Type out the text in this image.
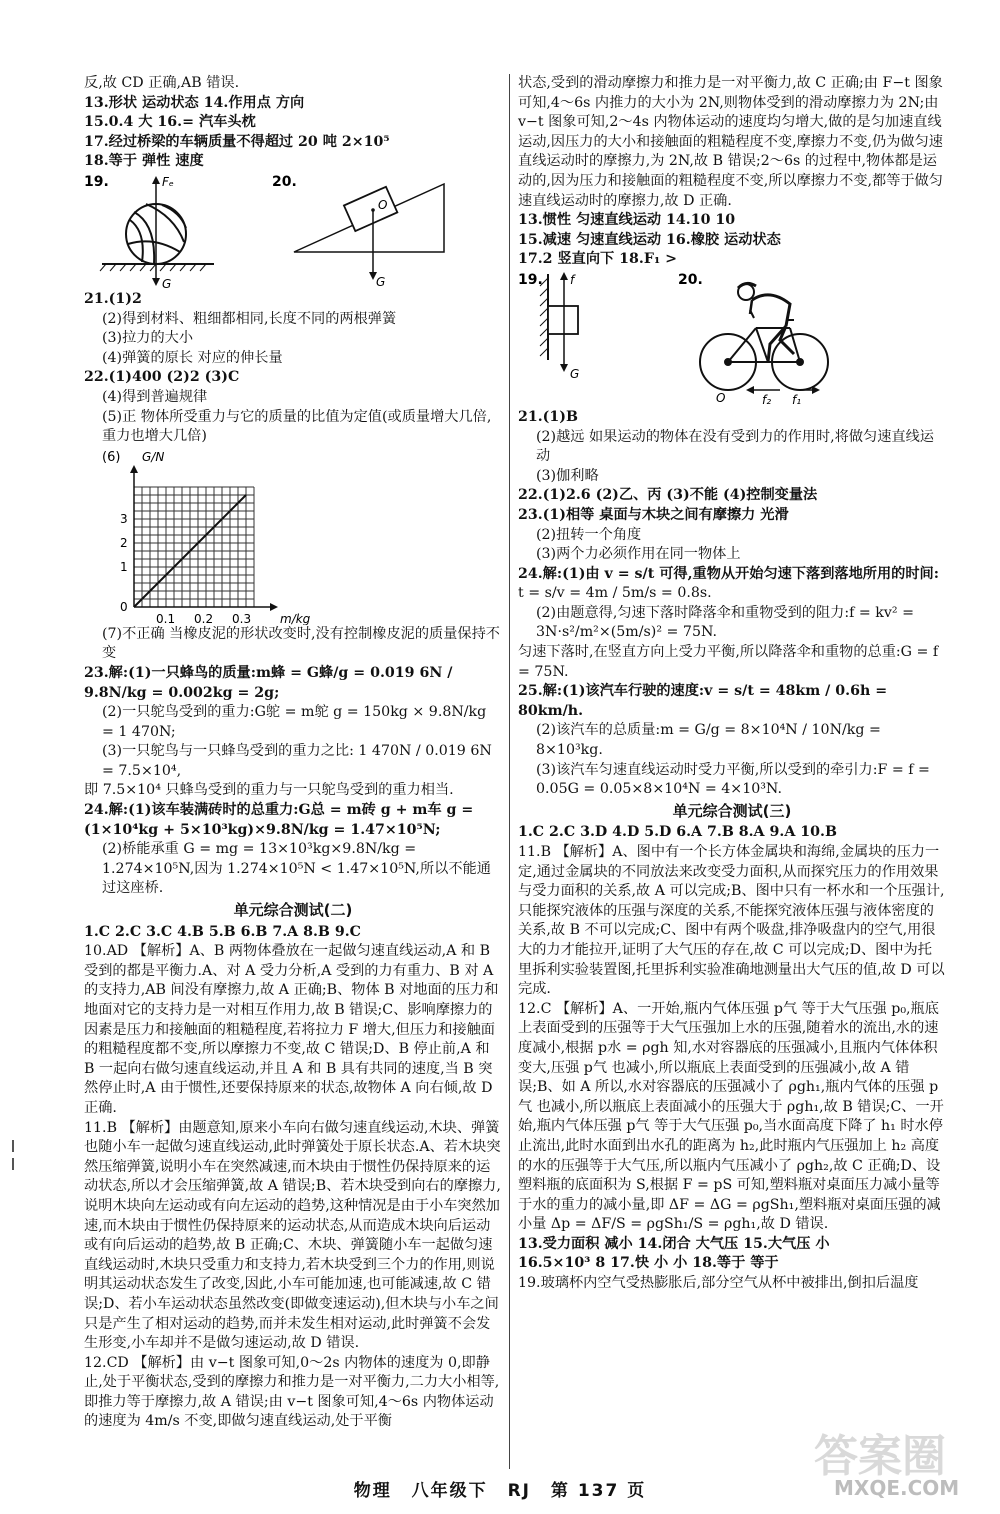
反,故 CD 正确,AB 错误.

13.形状 运动状态 14.作用点 方向

15.0.4 大 16.= 汽车头枕

17.经过桥梁的车辆质量不得超过 20 吨 2×10⁵

18.等于 弹性 速度

19.	Fₑ
G
20.
O
G

21.(1)2

(2)得到材料、粗细都相同,长度不同的两根弹簧

(3)拉力的大小

(4)弹簧的原长 对应的伸长量

22.(1)400 (2)2 (3)C

(4)得到普遍规律

(5)正 物体所受重力与它的质量的比值为定值(或质量增大几倍,重力也增大几倍)

(6) G/N
m/kg
0
1
2
3
0.1 0.2 0.3

(7)不正确 当橡皮泥的形状改变时,没有控制橡皮泥的质量保持不变

23.解:(1)一只蜂鸟的质量:m蜂 = G蜂/g = 0.019 6N / 9.8N/kg = 0.002kg = 2g;

(2)一只鸵鸟受到的重力:G鸵 = m鸵 g = 150kg × 9.8N/kg = 1 470N;

(3)一只鸵鸟与一只蜂鸟受到的重力之比: 1 470N / 0.019 6N = 7.5×10⁴,

即 7.5×10⁴ 只蜂鸟受到的重力与一只鸵鸟受到的重力相当.

24.解:(1)该车装满砖时的总重力:G总 = m砖 g + m车 g = (1×10⁴kg + 5×10³kg)×9.8N/kg = 1.47×10⁵N;

(2)桥能承重 G = mg = 13×10³kg×9.8N/kg = 1.274×10⁵N,因为 1.274×10⁵N < 1.47×10⁵N,所以不能通过这座桥.

单元综合测试(二)

1.C 2.C 3.C 4.B 5.B 6.B 7.A 8.B 9.C

10.AD 【解析】A、B 两物体叠放在一起做匀速直线运动,A 和 B 受到的都是平衡力.A、对 A 受力分析,A 受到的力有重力、B 对 A 的支持力,AB 间没有摩擦力,故 A 正确;B、物体 B 对地面的压力和地面对它的支持力是一对相互作用力,故 B 错误;C、影响摩擦力的因素是压力和接触面的粗糙程度,若将拉力 F 增大,但压力和接触面的粗糙程度都不变,所以摩擦力不变,故 C 错误;D、B 停止前,A 和 B 一起向右做匀速直线运动,并且 A 和 B 具有共同的速度,当 B 突然停止时,A 由于惯性,还要保持原来的状态,故物体 A 向右倾,故 D 正确.

11.B 【解析】由题意知,原来小车向右做匀速直线运动,木块、弹簧也随小车一起做匀速直线运动,此时弹簧处于原长状态.A、若木块突然压缩弹簧,说明小车在突然减速,而木块由于惯性仍保持原来的运动状态,所以才会压缩弹簧,故 A 错误;B、若木块受到向右的摩擦力,说明木块向左运动或有向左运动的趋势,这种情况是由于小车突然加速,而木块由于惯性仍保持原来的运动状态,从而造成木块向后运动或有向后运动的趋势,故 B 正确;C、木块、弹簧随小车一起做匀速直线运动时,木块只受重力和支持力,若木块受到三个力的作用,则说明其运动状态发生了改变,因此,小车可能加速,也可能减速,故 C 错误;D、若小车运动状态虽然改变(即做变速运动),但木块与小车之间只是产生了相对运动的趋势,而并未发生相对运动,此时弹簧不会发生形变,小车却并不是做匀速运动,故 D 错误.

12.CD 【解析】由 v−t 图象可知,0～2s 内物体的速度为 0,即静止,处于平衡状态,受到的摩擦力和推力是一对平衡力,二力大小相等,即推力等于摩擦力,故 A 错误;由 v−t 图象可知,4～6s 内物体运动的速度为 4m/s 不变,即做匀速直线运动,处于平衡

状态,受到的滑动摩擦力和推力是一对平衡力,故 C 正确;由 F−t 图象可知,4～6s 内推力的大小为 2N,则物体受到的滑动摩擦力为 2N;由 v−t 图象可知,2～4s 内物体运动的速度均匀增大,做的是匀加速直线运动,因压力的大小和接触面的粗糙程度不变,摩擦力不变,仍为做匀速直线运动时的摩擦力,为 2N,故 B 错误;2～6s 的过程中,物体都是运动的,因为压力和接触面的粗糙程度不变,所以摩擦力不变,都等于做匀速直线运动时的摩擦力,故 D 正确.

13.惯性 匀速直线运动 14.10 10

15.减速 匀速直线运动 16.橡胶 运动状态

17.2 竖直向下 18.F₁ >

19. f
G
20.
O	f₂ f₁

21.(1)B

(2)越远 如果运动的物体在没有受到力的作用时,将做匀速直线运动

(3)伽利略

22.(1)2.6 (2)乙、丙 (3)不能 (4)控制变量法

23.(1)相等 桌面与木块之间有摩擦力 光滑

(2)扭转一个角度

(3)两个力必须作用在同一物体上

24.解:(1)由 v = s/t 可得,重物从开始匀速下落到落地所用的时间:

t = s/v = 4m / 5m/s = 0.8s.

(2)由题意得,匀速下落时降落伞和重物受到的阻力:f = kv² = 3N·s²/m²×(5m/s)² = 75N.

匀速下落时,在竖直方向上受力平衡,所以降落伞和重物的总重:G = f = 75N.

25.解:(1)该汽车行驶的速度:v = s/t = 48km / 0.6h = 80km/h.

(2)该汽车的总质量:m = G/g = 8×10⁴N / 10N/kg = 8×10³kg.

(3)该汽车匀速直线运动时受力平衡,所以受到的牵引力:F = f = 0.05G = 0.05×8×10⁴N = 4×10³N.

单元综合测试(三)

1.C 2.C 3.D 4.D 5.D 6.A 7.B 8.A 9.A 10.B

11.B 【解析】A、图中有一个长方体金属块和海绵,金属块的压力一定,通过金属块的不同放法来改变受力面积,从而探究压力的作用效果与受力面积的关系,故 A 可以完成;B、图中只有一杯水和一个压强计,只能探究液体的压强与深度的关系,不能探究液体压强与液体密度的关系,故 B 不可以完成;C、图中有两个吸盘,排净吸盘内的空气,用很大的力才能拉开,证明了大气压的存在,故 C 可以完成;D、图中为托里拆利实验装置图,托里拆利实验准确地测量出大气压的值,故 D 可以完成.

12.C 【解析】A、一开始,瓶内气体压强 p气 等于大气压强 p₀,瓶底上表面受到的压强等于大气压强加上水的压强,随着水的流出,水的速度减小,根据 p水 = ρgh 知,水对容器底的压强减小,且瓶内气体体积变大,压强 p气 也减小,所以瓶底上表面受到的压强减小,故 A 错误;B、如 A 所以,水对容器底的压强减小了 ρgh₁,瓶内气体的压强 p气 也减小,所以瓶底上表面减小的压强大于 ρgh₁,故 B 错误;C、一开始,瓶内气体压强 p气 等于大气压强 p₀,当水面高度下降了 h₁ 时水停止流出,此时水面到出水孔的距离为 h₂,此时瓶内气压强加上 h₂ 高度的水的压强等于大气压,所以瓶内气压减小了 ρgh₂,故 C 正确;D、设塑料瓶的底面积为 S,根据 F = pS 可知,塑料瓶对桌面压力减小量等于水的重力的减小量,即 ΔF = ΔG = ρgSh₁,塑料瓶对桌面压强的减小量 Δp = ΔF/S = ρgSh₁/S = ρgh₁,故 D 错误.

13.受力面积 减小 14.闭合 大气压 15.大气压 小

16.5×10³ 8 17.快 小 小 18.等于 等于

19.玻璃杯内空气受热膨胀后,部分空气从杯中被排出,倒扣后温度

物理 八年级下 RJ 第 137 页
答案圈
MXQE.COM
